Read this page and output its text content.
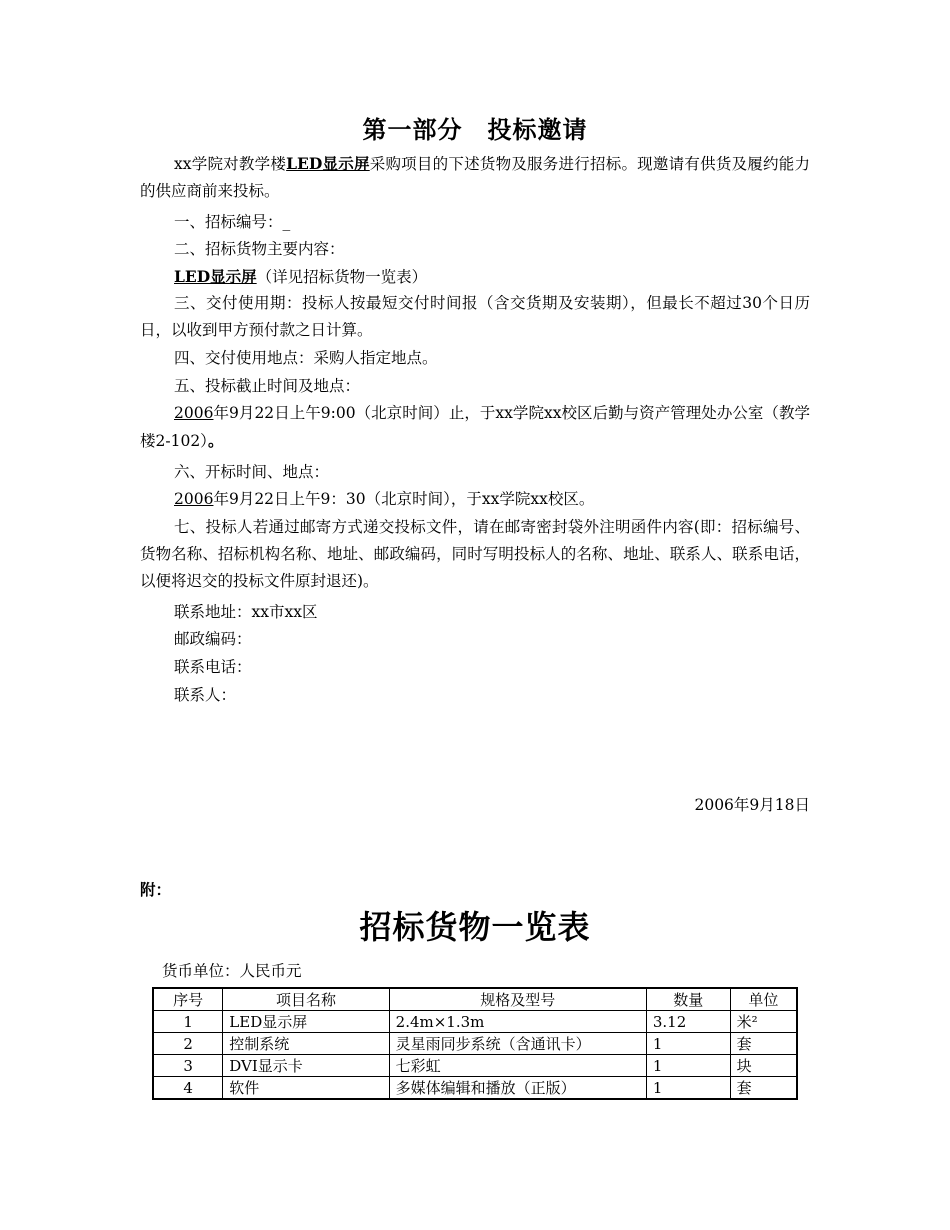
第一部分　投标邀请

xx学院对教学楼LED显示屏采购项目的下述货物及服务进行招标。现邀请有供货及履约能力的供应商前来投标。

一、招标编号：_

二、招标货物主要内容：

LED显示屏（详见招标货物一览表）

三、交付使用期：投标人按最短交付时间报（含交货期及安装期），但最长不超过30个日历日，以收到甲方预付款之日计算。

四、交付使用地点：采购人指定地点。

五、投标截止时间及地点：

2006年9月22日上午9:00（北京时间）止，于xx学院xx校区后勤与资产管理处办公室（教学楼2-102）。

六、开标时间、地点：

2006年9月22日上午9：30（北京时间），于xx学院xx校区。

七、投标人若通过邮寄方式递交投标文件，请在邮寄密封袋外注明函件内容(即：招标编号、货物名称、招标机构名称、地址、邮政编码，同时写明投标人的名称、地址、联系人、联系电话，以便将迟交的投标文件原封退还)。

联系地址：xx市xx区

邮政编码：

联系电话：

联系人：

2006年9月18日
附：
招标货物一览表
货币单位：人民币元
序号	项目名称	规格及型号	数量	单位
1	LED显示屏	2.4m×1.3m	3.12	米²
2	控制系统	灵星雨同步系统（含通讯卡）	1	套
3	DVI显示卡	七彩虹	1	块
4	软件	多媒体编辑和播放（正版）	1	套
